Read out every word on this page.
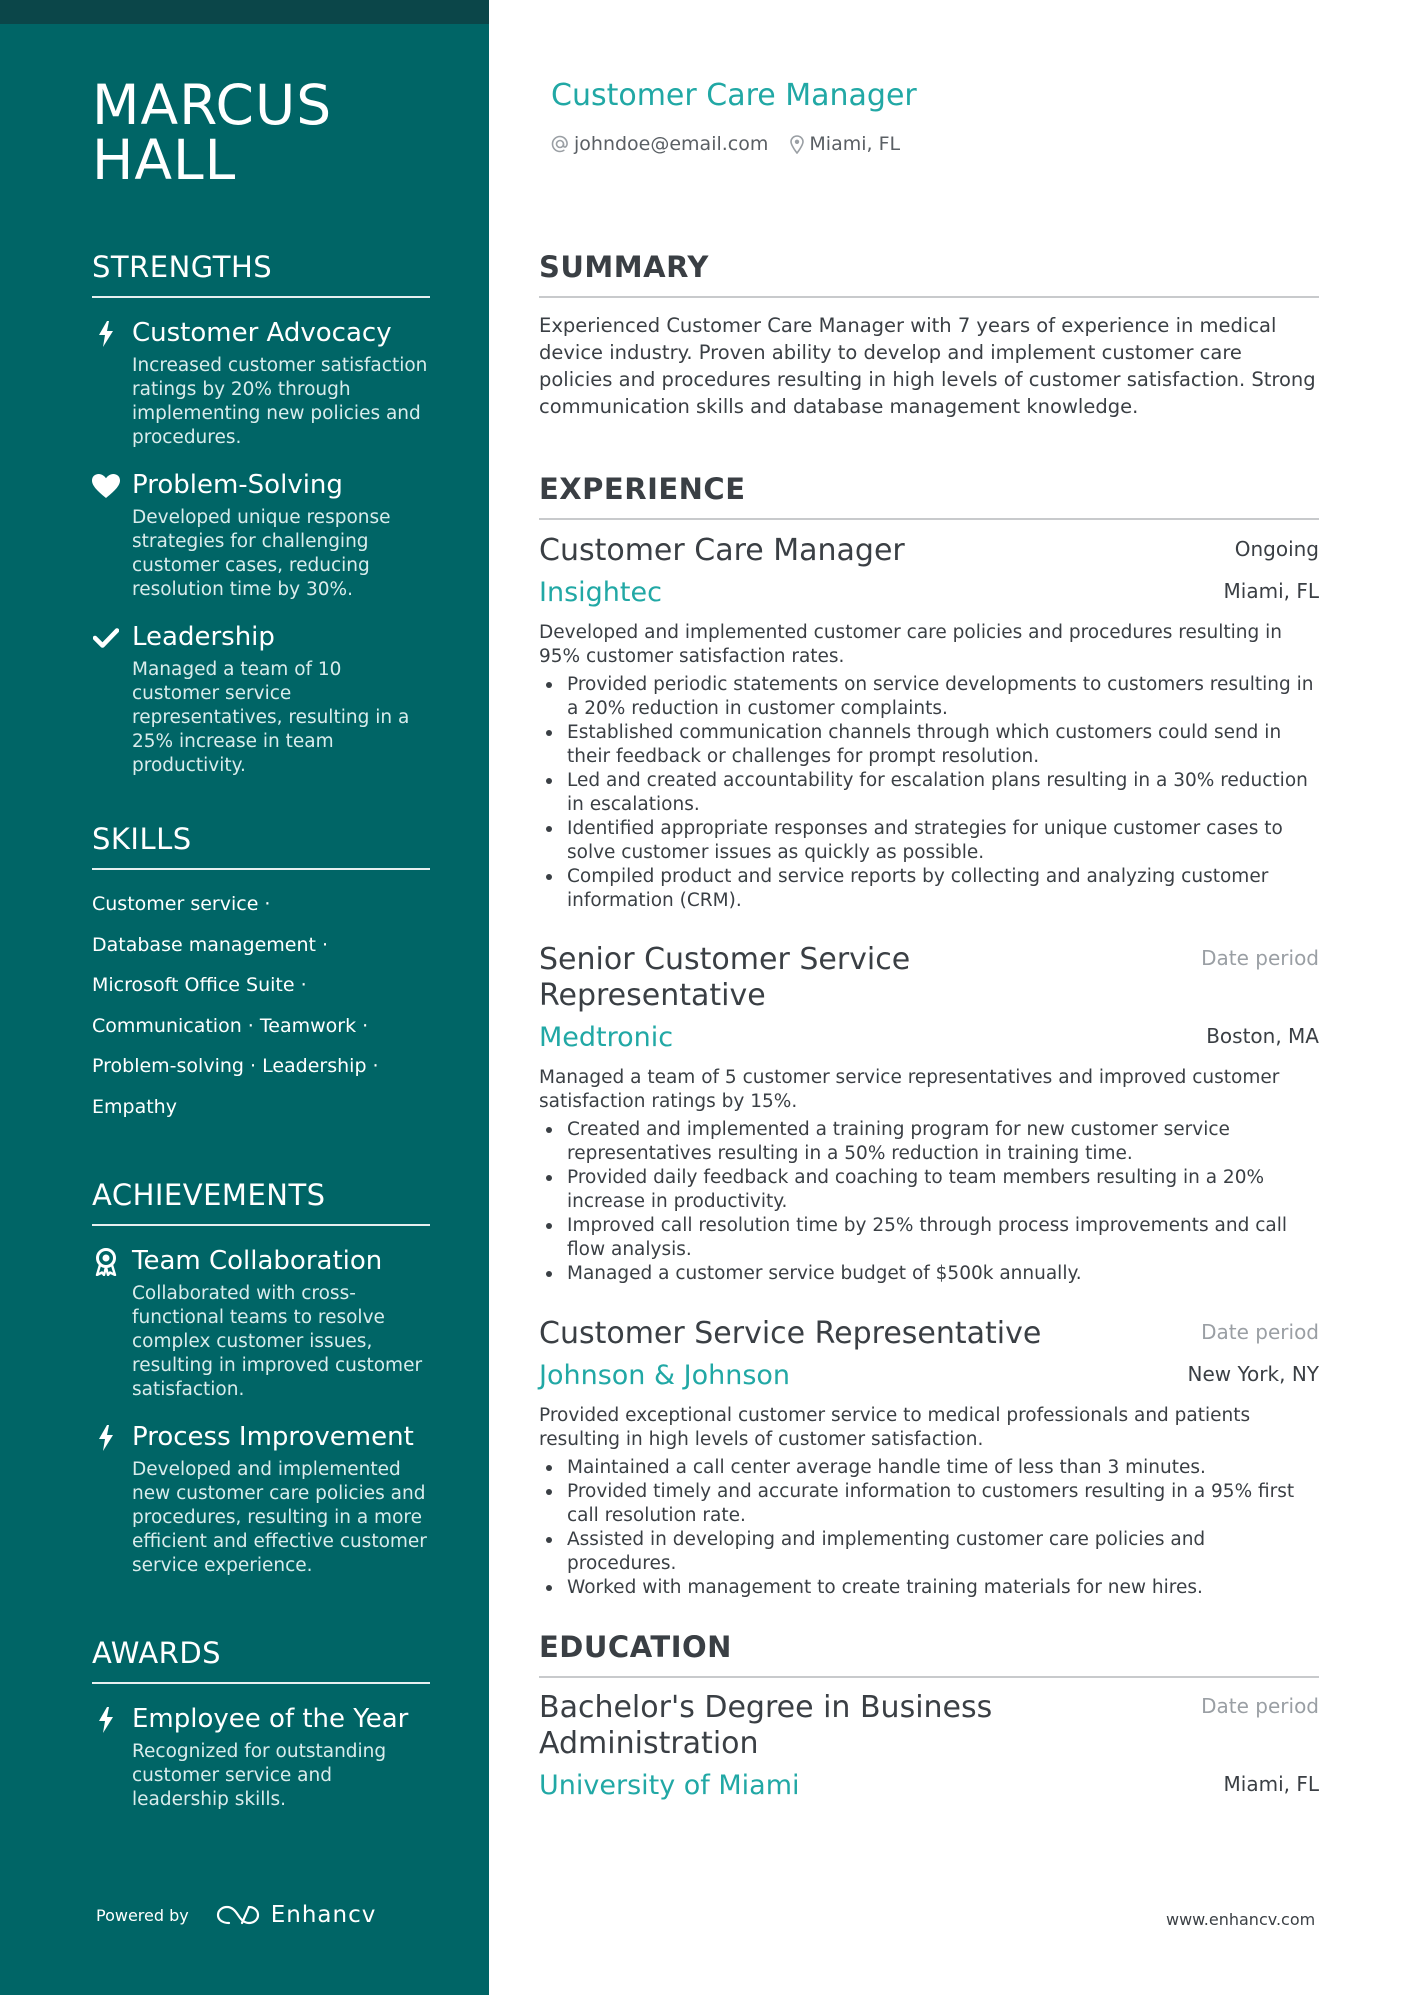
MARCUS
HALL
STRENGTHS
Customer Advocacy
Increased customer satisfaction ratings by 20% through implementing new policies and procedures.
Problem-Solving
Developed unique response strategies for challenging customer cases, reducing resolution time by 30%.
Leadership
Managed a team of 10 customer service representatives, resulting in a 25% increase in team productivity.
SKILLS
Customer service ·
Database management ·
Microsoft Office Suite ·
Communication · Teamwork ·
Problem-solving · Leadership ·
Empathy
ACHIEVEMENTS
Team Collaboration
Collaborated with cross-functional teams to resolve complex customer issues, resulting in improved customer satisfaction.
Process Improvement
Developed and implemented new customer care policies and procedures, resulting in a more efficient and effective customer service experience.
AWARDS
Employee of the Year
Recognized for outstanding customer service and leadership skills.
Powered by	Enhancv
Customer Care Manager
johndoe@email.com Miami, FL
SUMMARY

Experienced Customer Care Manager with 7 years of experience in medical device industry. Proven ability to develop and implement customer care policies and procedures resulting in high levels of customer satisfaction. Strong communication skills and database management knowledge.

EXPERIENCE
Customer Care Manager	Ongoing
Insightec	Miami, FL
Developed and implemented customer care policies and procedures resulting in 95% customer satisfaction rates.
Provided periodic statements on service developments to customers resulting in a 20% reduction in customer complaints.
Established communication channels through which customers could send in their feedback or challenges for prompt resolution.
Led and created accountability for escalation plans resulting in a 30% reduction in escalations.
Identified appropriate responses and strategies for unique customer cases to solve customer issues as quickly as possible.
Compiled product and service reports by collecting and analyzing customer information (CRM).
Senior Customer Service Representative
Date period
Medtronic	Boston, MA
Managed a team of 5 customer service representatives and improved customer satisfaction ratings by 15%.
Created and implemented a training program for new customer service representatives resulting in a 50% reduction in training time.
Provided daily feedback and coaching to team members resulting in a 20% increase in productivity.
Improved call resolution time by 25% through process improvements and call flow analysis.
Managed a customer service budget of $500k annually.
Customer Service Representative	Date period
Johnson & Johnson	New York, NY
Provided exceptional customer service to medical professionals and patients resulting in high levels of customer satisfaction.
Maintained a call center average handle time of less than 3 minutes.
Provided timely and accurate information to customers resulting in a 95% first call resolution rate.
Assisted in developing and implementing customer care policies and procedures.
Worked with management to create training materials for new hires.
EDUCATION
Bachelor's Degree in Business Administration
Date period
University of Miami	Miami, FL
www.enhancv.com
